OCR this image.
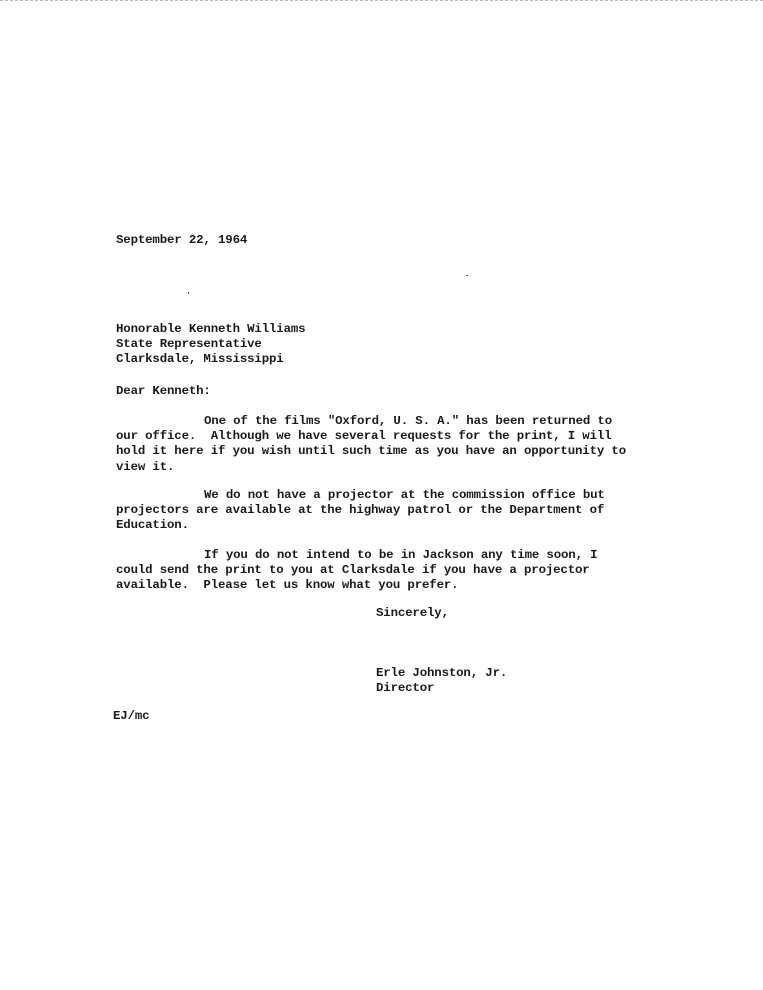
September 22, 1964
Honorable Kenneth Williams
State Representative
Clarksdale, Mississippi
Dear Kenneth:
One of the films "Oxford, U. S. A." has been returned to
our office.  Although we have several requests for the print, I will
hold it here if you wish until such time as you have an opportunity to
view it.
We do not have a projector at the commission office but
projectors are available at the highway patrol or the Department of
Education.
If you do not intend to be in Jackson any time soon, I
could send the print to you at Clarksdale if you have a projector
available.  Please let us know what you prefer.
Sincerely,
Erle Johnston, Jr.
Director
EJ/mc
